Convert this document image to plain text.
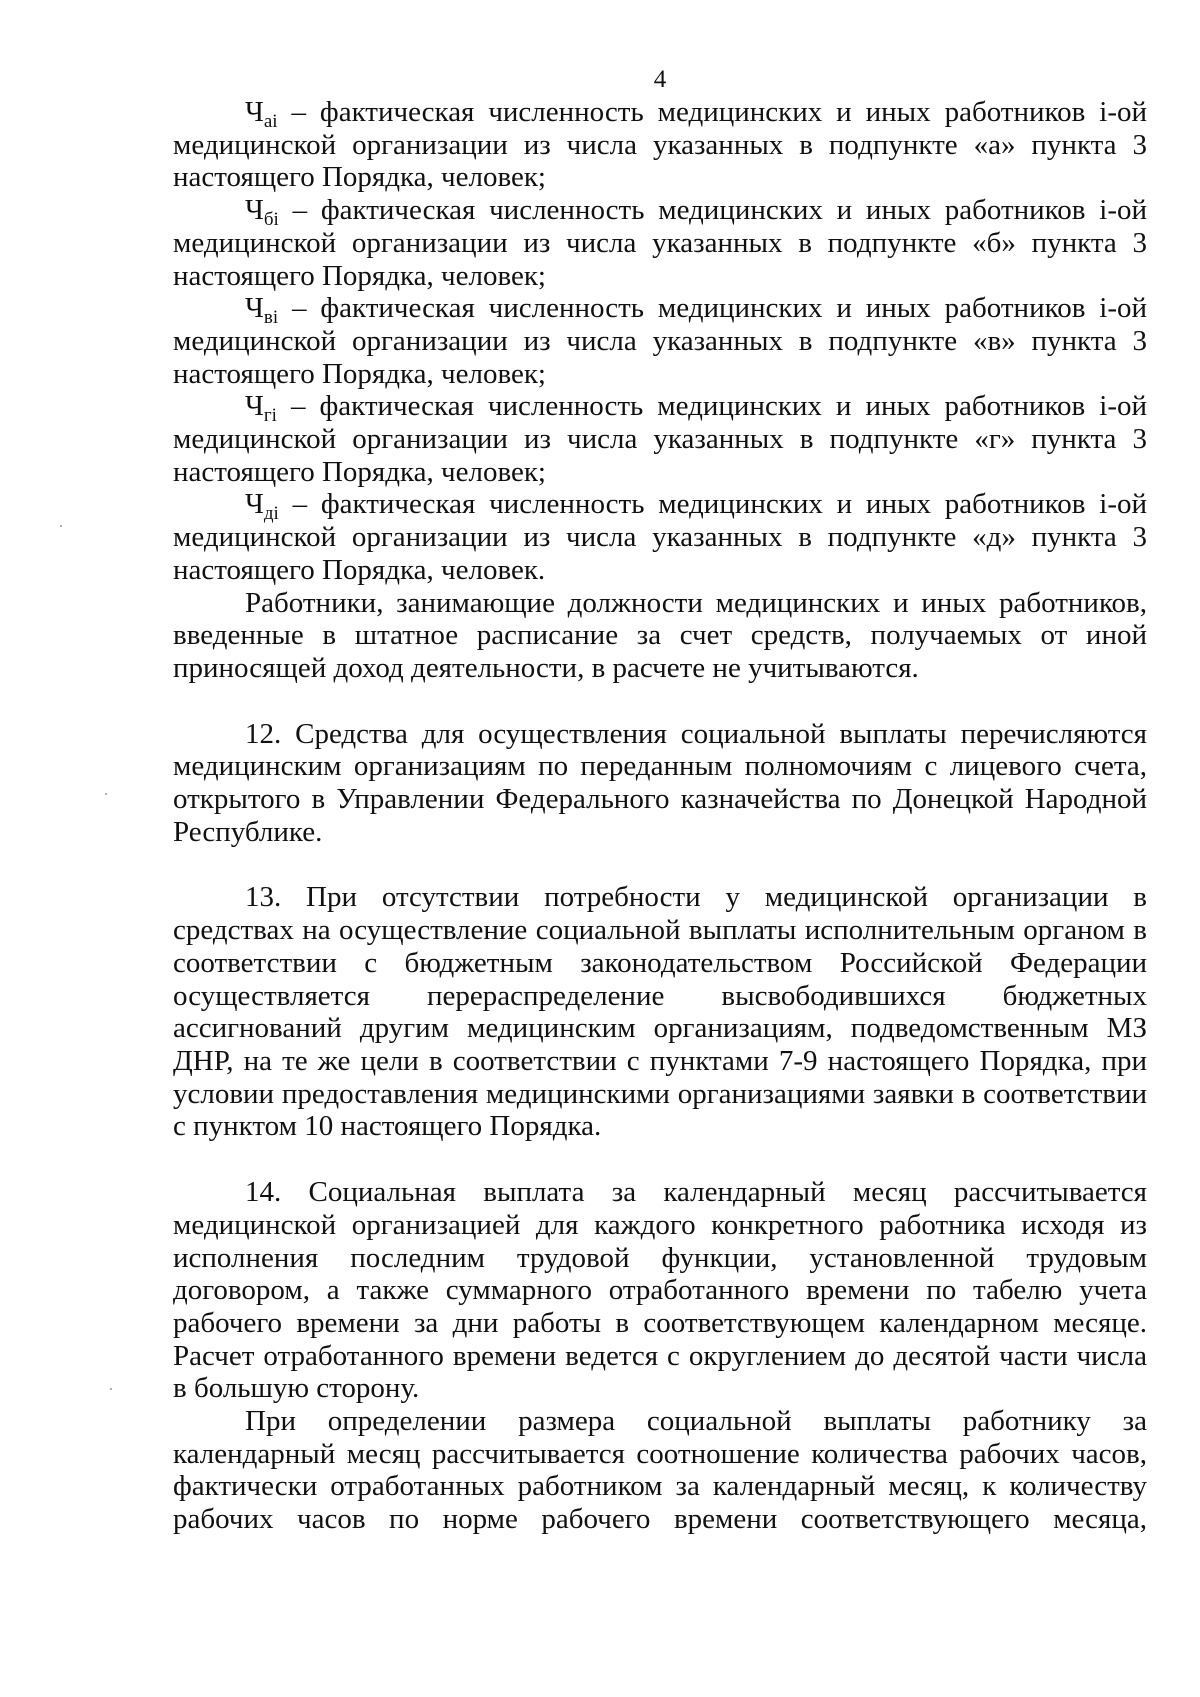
4

$Ч_{аi}$ – фактическая численность медицинских и иных работников i-ой медицинской организации из числа указанных в подпункте «а» пункта 3 настоящего Порядка, человек;

$Ч_{бi}$ – фактическая численность медицинских и иных работников i-ой медицинской организации из числа указанных в подпункте «б» пункта 3 настоящего Порядка, человек;

$Ч_{вi}$ – фактическая численность медицинских и иных работников i-ой медицинской организации из числа указанных в подпункте «в» пункта 3 настоящего Порядка, человек;

$Ч_{гi}$ – фактическая численность медицинских и иных работников i-ой медицинской организации из числа указанных в подпункте «г» пункта 3 настоящего Порядка, человек;

$Ч_{дi}$ – фактическая численность медицинских и иных работников i-ой медицинской организации из числа указанных в подпункте «д» пункта 3 настоящего Порядка, человек.

Работники, занимающие должности медицинских и иных работников, введенные в штатное расписание за счет средств, получаемых от иной приносящей доход деятельности, в расчете не учитываются.

12. Средства для осуществления социальной выплаты перечисляются медицинским организациям по переданным полномочиям с лицевого счета, открытого в Управлении Федерального казначейства по Донецкой Народной Республике.

13. При отсутствии потребности у медицинской организации в средствах на осуществление социальной выплаты исполнительным органом в соответствии с бюджетным законодательством Российской Федерации осуществляется перераспределение высвободившихся бюджетных ассигнований другим медицинским организациям, подведомственным МЗ ДНР, на те же цели в соответствии с пунктами 7-9 настоящего Порядка, при условии предоставления медицинскими организациями заявки в соответствии с пунктом 10 настоящего Порядка.

14. Социальная выплата за календарный месяц рассчитывается медицинской организацией для каждого конкретного работника исходя из исполнения последним трудовой функции, установленной трудовым договором, а также суммарного отработанного времени по табелю учета рабочего времени за дни работы в соответствующем календарном месяце. Расчет отработанного времени ведется с округлением до десятой части числа в большую сторону.

При определении размера социальной выплаты работнику за календарный месяц рассчитывается соотношение количества рабочих часов, фактически отработанных работником за календарный месяц, к количеству рабочих часов по норме рабочего времени соответствующего месяца,
